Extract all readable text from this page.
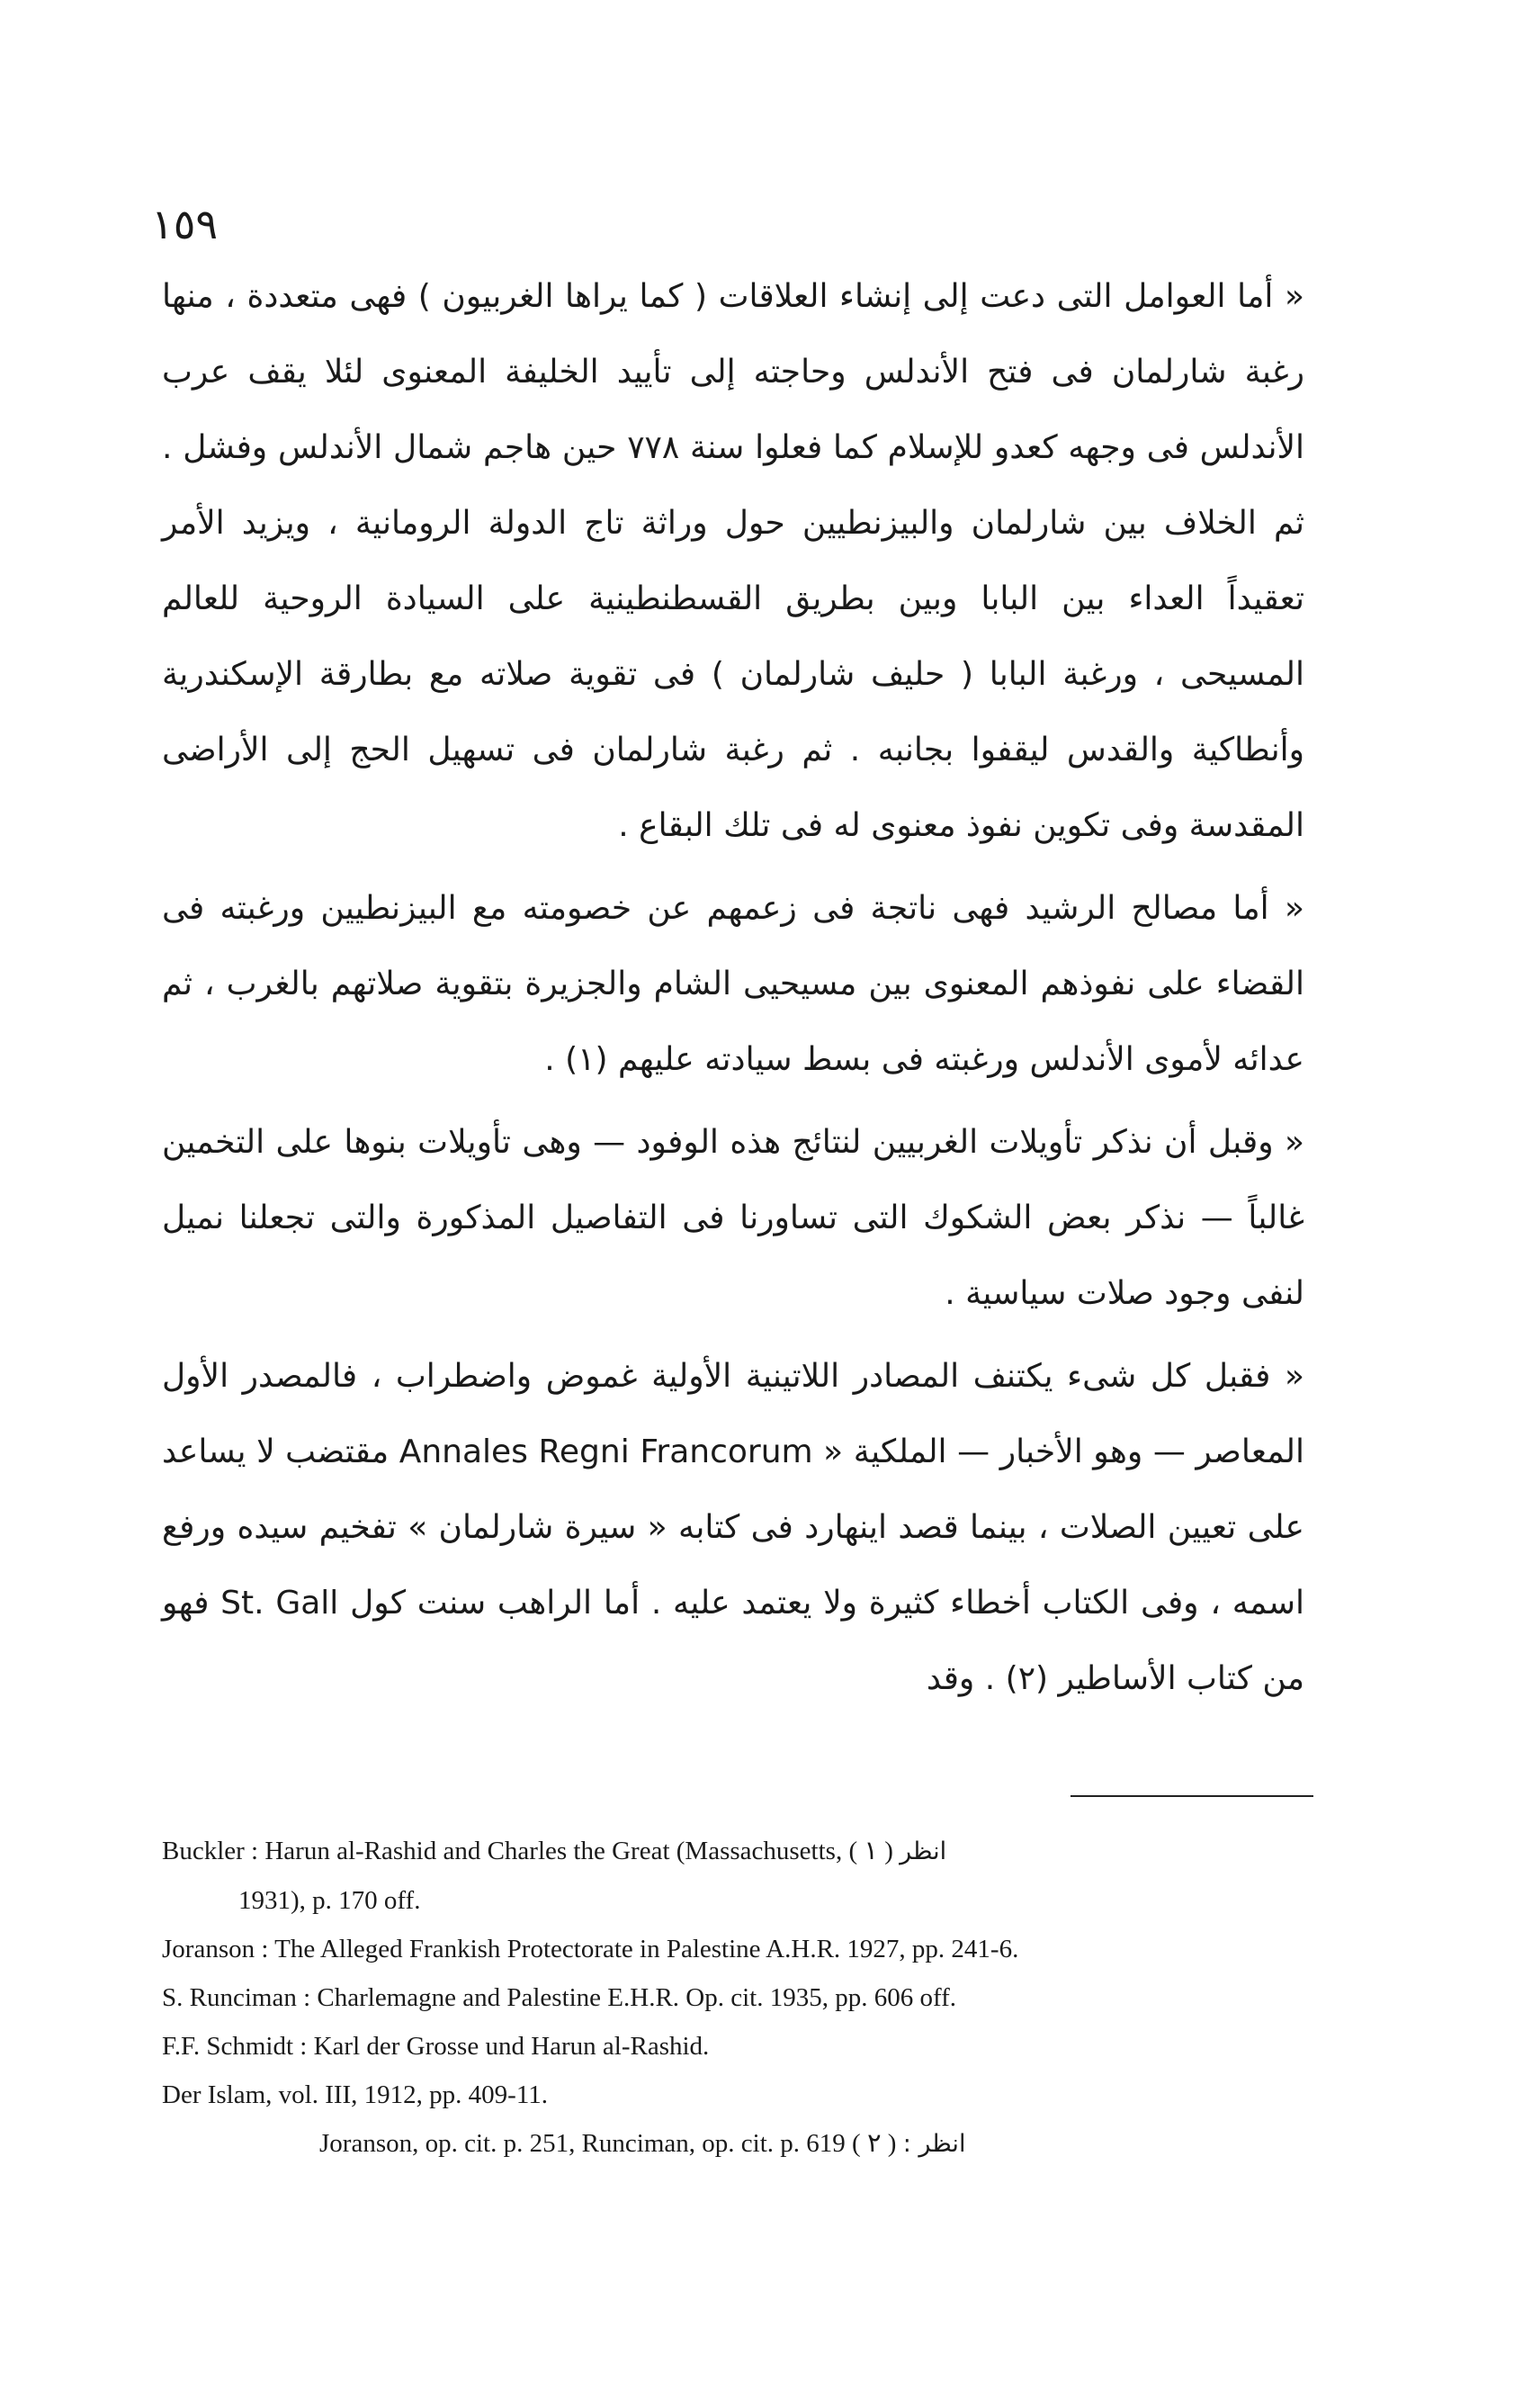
١٥٩

« أما العوامل التى دعت إلى إنشاء العلاقات ( كما يراها الغربيون ) فهى متعددة ، منها رغبة شارلمان فى فتح الأندلس وحاجته إلى تأييد الخليفة المعنوى لئلا يقف عرب الأندلس فى وجهه كعدو للإسلام كما فعلوا سنة ٧٧٨ حين هاجم شمال الأندلس وفشل . ثم الخلاف بين شارلمان والبيزنطيين حول وراثة تاج الدولة الرومانية ، ويزيد الأمر تعقيداً العداء بين البابا وبين بطريق القسطنطينية على السيادة الروحية للعالم المسيحى ، ورغبة البابا ( حليف شارلمان ) فى تقوية صلاته مع بطارقة الإسكندرية وأنطاكية والقدس ليقفوا بجانبه . ثم رغبة شارلمان فى تسهيل الحج إلى الأراضى المقدسة وفى تكوين نفوذ معنوى له فى تلك البقاع .

« أما مصالح الرشيد فهى ناتجة فى زعمهم عن خصومته مع البيزنطيين ورغبته فى القضاء على نفوذهم المعنوى بين مسيحيى الشام والجزيرة بتقوية صلاتهم بالغرب ، ثم عدائه لأموى الأندلس ورغبته فى بسط سيادته عليهم (١) .

« وقبل أن نذكر تأويلات الغربيين لنتائج هذه الوفود — وهى تأويلات بنوها على التخمين غالباً — نذكر بعض الشكوك التى تساورنا فى التفاصيل المذكورة والتى تجعلنا نميل لنفى وجود صلات سياسية .

« فقبل كل شىء يكتنف المصادر اللاتينية الأولية غموض واضطراب ، فالمصدر الأول المعاصر — وهو الأخبار — الملكية « Annales Regni Francorum مقتضب لا يساعد على تعيين الصلات ، بينما قصد اينهارد فى كتابه « سيرة شارلمان » تفخيم سيده ورفع اسمه ، وفى الكتاب أخطاء كثيرة ولا يعتمد عليه . أما الراهب سنت كول St. Gall فهو من كتاب الأساطير (٢) . وقد

Buckler : Harun al-Rashid and Charles the Great (Massachusetts, انظر ( ١ )
1931), p. 170 off.
Joranson : The Alleged Frankish Protectorate in Palestine A.H.R. 1927, pp. 241-6.
S. Runciman : Charlemagne and Palestine E.H.R. Op. cit. 1935, pp. 606 off.
F.F. Schmidt : Karl der Grosse und Harun al-Rashid.
Der Islam, vol. III, 1912, pp. 409-11.
Joranson, op. cit. p. 251, Runciman, op. cit. p. 619 انظر : ( ٢ )
